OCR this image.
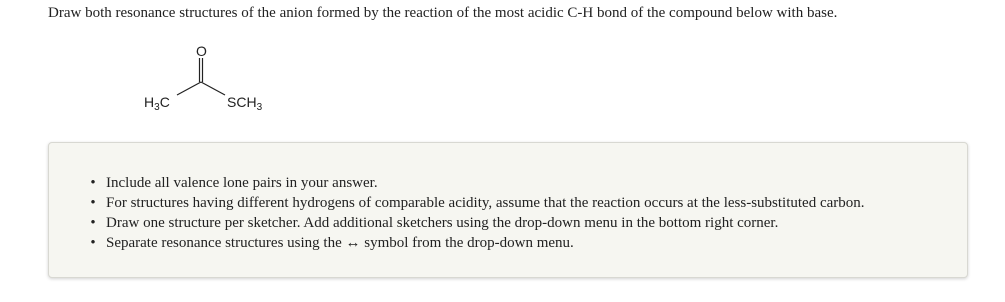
Draw both resonance structures of the anion formed by the reaction of the most acidic C-H bond of the compound below with base.
O
$H_3C$	$SCH_3$
• Include all valence lone pairs in your answer.
• For structures having different hydrogens of comparable acidity, assume that the reaction occurs at the less-substituted carbon.
• Draw one structure per sketcher. Add additional sketchers using the drop-down menu in the bottom right corner.
• Separate resonance structures using the ↔ symbol from the drop-down menu.
